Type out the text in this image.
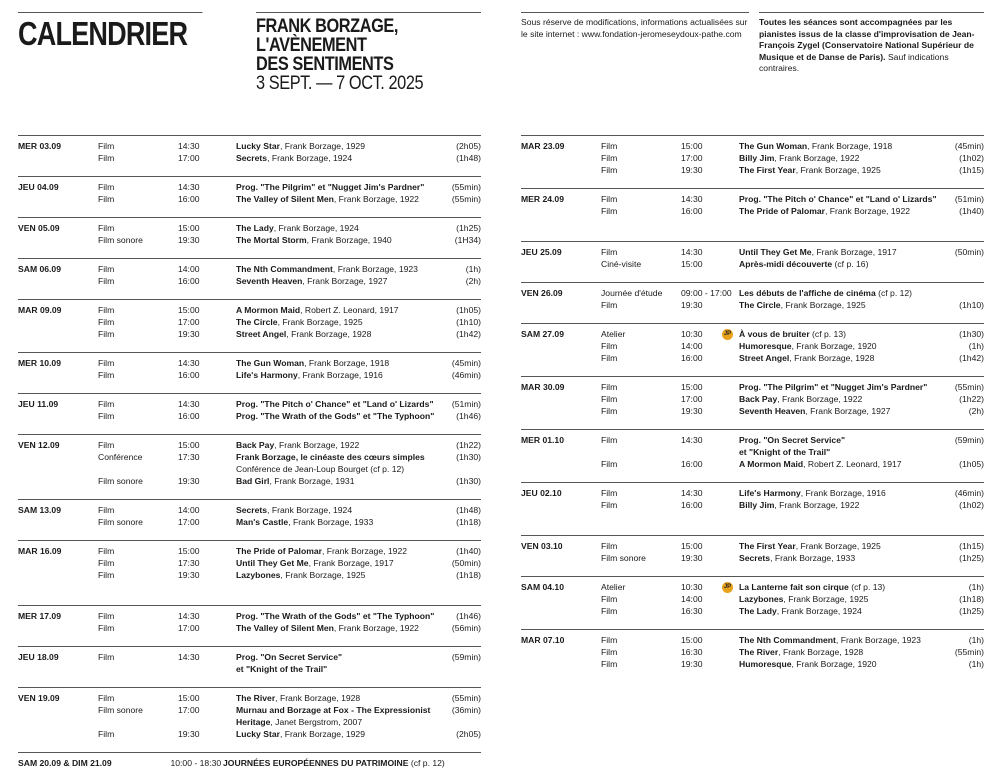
CALENDRIER	FRANK BORZAGE,
L'AVÈNEMENT
DES SENTIMENTS
3 SEPT. — 7 OCT. 2025
Sous réserve de modifications, informations actualisées sur le site internet : www.fondation-jeromeseydoux-pathe.com
Toutes les séances sont accompagnées par les pianistes issus de la classe d'improvisation de Jean-François Zygel (Conservatoire National Supérieur de Musique et de Danse de Paris). Sauf indications contraires.
MER 03.09	Film	14:30	Lucky Star, Frank Borzage, 1929	(2h05)
Film	17:00	Secrets, Frank Borzage, 1924	(1h48)
JEU 04.09	Film	14:30	Prog. "The Pilgrim" et "Nugget Jim's Pardner"	(55min)
Film	16:00	The Valley of Silent Men, Frank Borzage, 1922	(55min)
VEN 05.09	Film	15:00	The Lady, Frank Borzage, 1924	(1h25)
Film sonore	19:30	The Mortal Storm, Frank Borzage, 1940	(1H34)
SAM 06.09	Film	14:00	The Nth Commandment, Frank Borzage, 1923	(1h)
Film	16:00	Seventh Heaven, Frank Borzage, 1927	(2h)
MAR 09.09	Film	15:00	A Mormon Maid, Robert Z. Leonard, 1917	(1h05)
Film	17:00	The Circle, Frank Borzage, 1925	(1h10)
Film	19:30	Street Angel, Frank Borzage, 1928	(1h42)
MER 10.09	Film	14:30	The Gun Woman, Frank Borzage, 1918	(45min)
Film	16:00	Life's Harmony, Frank Borzage, 1916	(46min)
JEU 11.09	Film	14:30	Prog. "The Pitch o' Chance" et "Land o' Lizards"	(51min)
Film	16:00	Prog. "The Wrath of the Gods" et "The Typhoon"	(1h46)
VEN 12.09	Film	15:00	Back Pay, Frank Borzage, 1922	(1h22)
Conférence	17:30	Frank Borzage, le cinéaste des cœurs simples	(1h30)
Conférence de Jean-Loup Bourget (cf p. 12)
Film sonore	19:30	Bad Girl, Frank Borzage, 1931	(1h30)
SAM 13.09	Film	14:00	Secrets, Frank Borzage, 1924	(1h48)
Film sonore	17:00	Man's Castle, Frank Borzage, 1933	(1h18)
MAR 16.09	Film	15:00	The Pride of Palomar, Frank Borzage, 1922	(1h40)
Film	17:30	Until They Get Me, Frank Borzage, 1917	(50min)
Film	19:30	Lazybones, Frank Borzage, 1925	(1h18)
MER 17.09	Film	14:30	Prog. "The Wrath of the Gods" et "The Typhoon"	(1h46)
Film	17:00	The Valley of Silent Men, Frank Borzage, 1922	(56min)
JEU 18.09	Film	14:30	Prog. "On Secret Service"	(59min)
et "Knight of the Trail"
VEN 19.09	Film	15:00	The River, Frank Borzage, 1928	(55min)
Film sonore	17:00	Murnau and Borzage at Fox - The Expressionist	(36min)
Heritage, Janet Bergstrom, 2007
Film	19:30	Lucky Star, Frank Borzage, 1929	(2h05)
SAM 20.09 & DIM 21.09	10:00 - 18:30 JOURNÉES EUROPÉENNES DU PATRIMOINE (cf p. 12)
MAR 23.09	Film	15:00	The Gun Woman, Frank Borzage, 1918	(45min)
Film	17:00	Billy Jim, Frank Borzage, 1922	(1h02)
Film	19:30	The First Year, Frank Borzage, 1925	(1h15)
MER 24.09	Film	14:30	Prog. "The Pitch o' Chance" et "Land o' Lizards"	(51min)
Film	16:00	The Pride of Palomar, Frank Borzage, 1922	(1h40)
JEU 25.09	Film	14:30	Until They Get Me, Frank Borzage, 1917	(50min)
Ciné-visite	15:00	Après-midi découverte (cf p. 16)
VEN 26.09	Journée d'étude	09:00 - 17:00 Les débuts de l'affiche de cinéma (cf p. 12)
Film	19:30	The Circle, Frank Borzage, 1925	(1h10)
SAM 27.09	Atelier	10:30	JP À vous de bruiter (cf p. 13)	(1h30)
Film	14:00	Humoresque, Frank Borzage, 1920	(1h)
Film	16:00	Street Angel, Frank Borzage, 1928	(1h42)
MAR 30.09	Film	15:00	Prog. "The Pilgrim" et "Nugget Jim's Pardner"	(55min)
Film	17:00	Back Pay, Frank Borzage, 1922	(1h22)
Film	19:30	Seventh Heaven, Frank Borzage, 1927	(2h)
MER 01.10	Film	14:30	Prog. "On Secret Service"	(59min)
et "Knight of the Trail"
Film	16:00	A Mormon Maid, Robert Z. Leonard, 1917	(1h05)
JEU 02.10	Film	14:30	Life's Harmony, Frank Borzage, 1916	(46min)
Film	16:00	Billy Jim, Frank Borzage, 1922	(1h02)
VEN 03.10	Film	15:00	The First Year, Frank Borzage, 1925	(1h15)
Film sonore	19:30	Secrets, Frank Borzage, 1933	(1h25)
SAM 04.10	Atelier	10:30	JP La Lanterne fait son cirque (cf p. 13)	(1h)
Film	14:00	Lazybones, Frank Borzage, 1925	(1h18)
Film	16:30	The Lady, Frank Borzage, 1924	(1h25)
MAR 07.10	Film	15:00	The Nth Commandment, Frank Borzage, 1923	(1h)
Film	16:30	The River, Frank Borzage, 1928	(55min)
Film	19:30	Humoresque, Frank Borzage, 1920	(1h)
